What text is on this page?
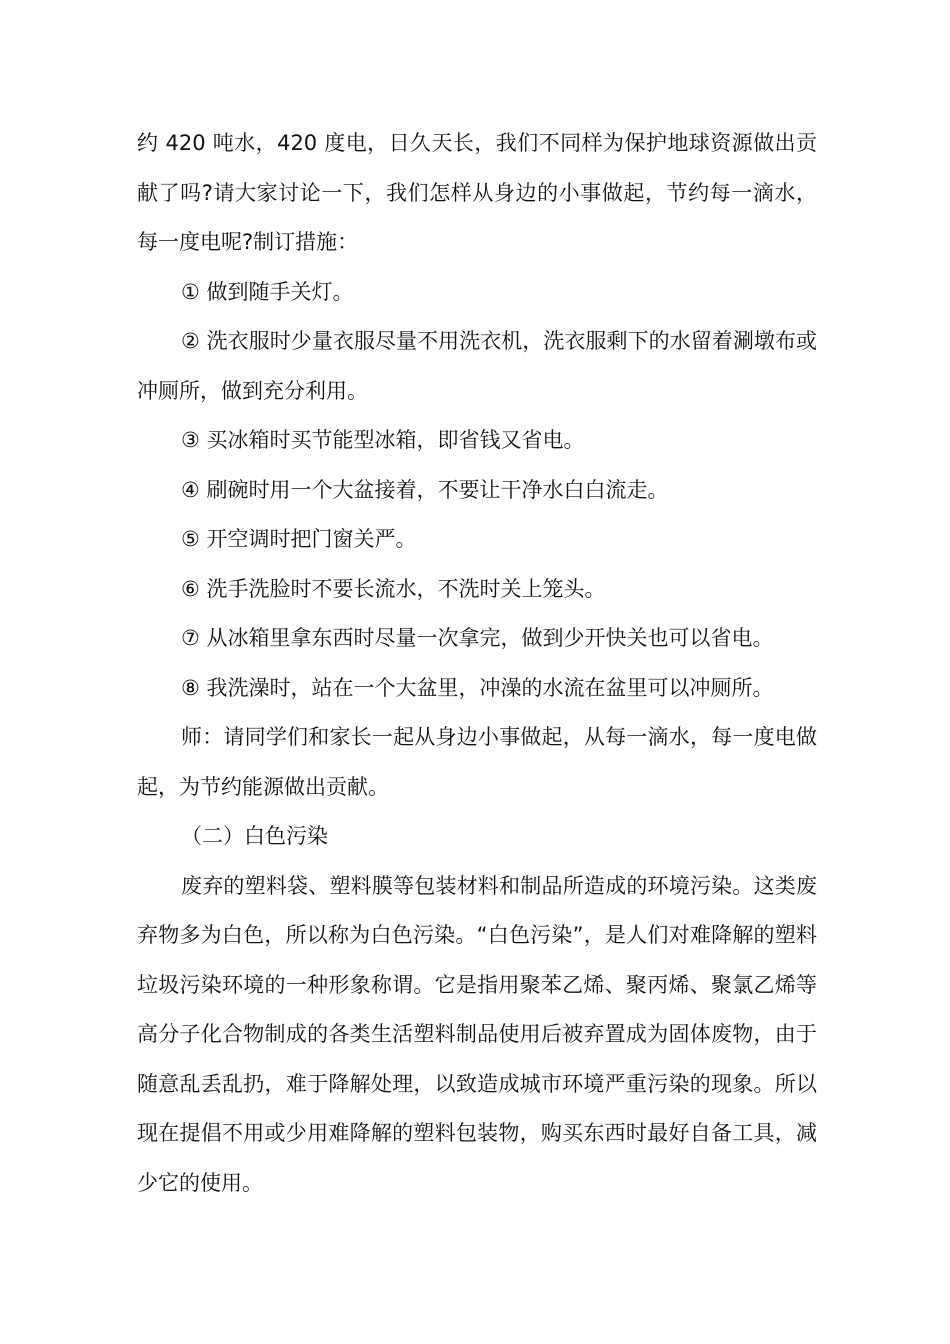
约 420 吨水，420 度电，日久天长，我们不同样为保护地球资源做出贡献了吗?请大家讨论一下，我们怎样从身边的小事做起，节约每一滴水，每一度电呢?制订措施：

① 做到随手关灯。

② 洗衣服时少量衣服尽量不用洗衣机，洗衣服剩下的水留着涮墩布或冲厕所，做到充分利用。

③ 买冰箱时买节能型冰箱，即省钱又省电。

④ 刷碗时用一个大盆接着，不要让干净水白白流走。

⑤ 开空调时把门窗关严。

⑥ 洗手洗脸时不要长流水，不洗时关上笼头。

⑦ 从冰箱里拿东西时尽量一次拿完，做到少开快关也可以省电。

⑧ 我洗澡时，站在一个大盆里，冲澡的水流在盆里可以冲厕所。

师：请同学们和家长一起从身边小事做起，从每一滴水，每一度电做起，为节约能源做出贡献。

（二）白色污染

废弃的塑料袋、塑料膜等包装材料和制品所造成的环境污染。这类废弃物多为白色，所以称为白色污染。“白色污染”，是人们对难降解的塑料垃圾污染环境的一种形象称谓。它是指用聚苯乙烯、聚丙烯、聚氯乙烯等高分子化合物制成的各类生活塑料制品使用后被弃置成为固体废物，由于随意乱丢乱扔，难于降解处理，以致造成城市环境严重污染的现象。所以现在提倡不用或少用难降解的塑料包装物，购买东西时最好自备工具，减少它的使用。
